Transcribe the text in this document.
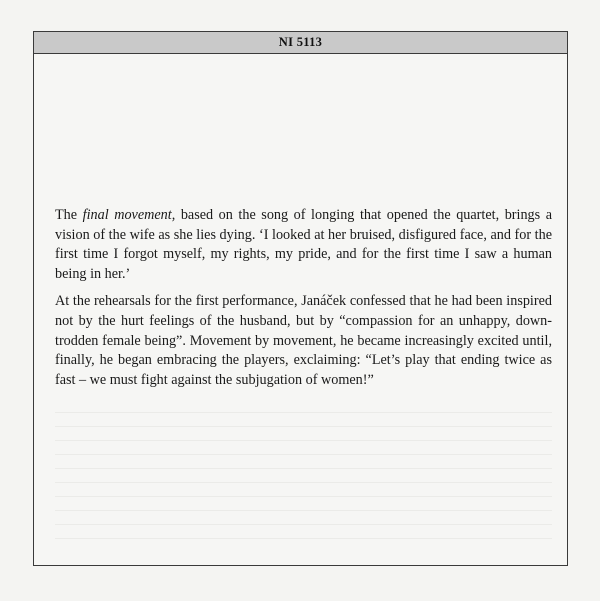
NI 5113

The final movement, based on the song of longing that opened the quartet, brings a vision of the wife as she lies dying. ‘I looked at her bruised, disfigured face, and for the first time I forgot myself, my rights, my pride, and for the first time I saw a human being in her.’

At the rehearsals for the first performance, Janáček confessed that he had been inspired not by the hurt feelings of the husband, but by “compassion for an unhappy, down-trodden female being”. Movement by movement, he became increasingly excited until, finally, he began embracing the players, exclaiming: “Let’s play that ending twice as fast – we must fight against the subjugation of women!”
